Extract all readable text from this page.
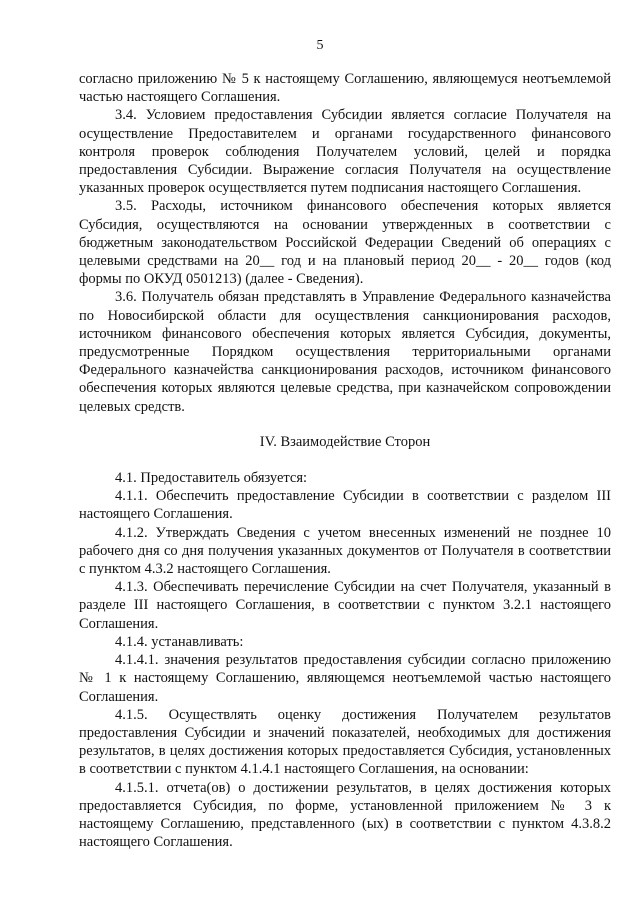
5

согласно приложению № 5 к настоящему Соглашению, являющемуся неотъемлемой частью настоящего Соглашения.

3.4. Условием предоставления Субсидии является согласие Получателя на осуществление Предоставителем и органами государственного финансового контроля проверок соблюдения Получателем условий, целей и порядка предоставления Субсидии. Выражение согласия Получателя на осуществление указанных проверок осуществляется путем подписания настоящего Соглашения.

3.5. Расходы, источником финансового обеспечения которых является Субсидия, осуществляются на основании утвержденных в соответствии с бюджетным законодательством Российской Федерации Сведений об операциях с целевыми средствами на 20__ год и на плановый период 20__ - 20__ годов (код формы по ОКУД 0501213) (далее - Сведения).

3.6. Получатель обязан представлять в Управление Федерального казначейства по Новосибирской области для осуществления санкционирования расходов, источником финансового обеспечения которых является Субсидия, документы, предусмотренные Порядком осуществления территориальными органами Федерального казначейства санкционирования расходов, источником финансового обеспечения которых являются целевые средства, при казначейском сопровождении целевых средств.

IV. Взаимодействие Сторон

4.1. Предоставитель обязуется:

4.1.1. Обеспечить предоставление Субсидии в соответствии с разделом III настоящего Соглашения.

4.1.2. Утверждать Сведения с учетом внесенных изменений не позднее 10 рабочего дня со дня получения указанных документов от Получателя в соответствии с пунктом 4.3.2 настоящего Соглашения.

4.1.3. Обеспечивать перечисление Субсидии на счет Получателя, указанный в разделе III настоящего Соглашения, в соответствии с пунктом 3.2.1 настоящего Соглашения.

4.1.4. устанавливать:

4.1.4.1. значения результатов предоставления субсидии согласно приложению № 1 к настоящему Соглашению, являющемся неотъемлемой частью настоящего Соглашения.

4.1.5. Осуществлять оценку достижения Получателем результатов предоставления Субсидии и значений показателей, необходимых для достижения результатов, в целях достижения которых предоставляется Субсидия, установленных в соответствии с пунктом 4.1.4.1 настоящего Соглашения, на основании:

4.1.5.1. отчета(ов) о достижении результатов, в целях достижения которых предоставляется Субсидия, по форме, установленной приложением № 3 к настоящему Соглашению, представленного (ых) в соответствии с пунктом 4.3.8.2 настоящего Соглашения.
